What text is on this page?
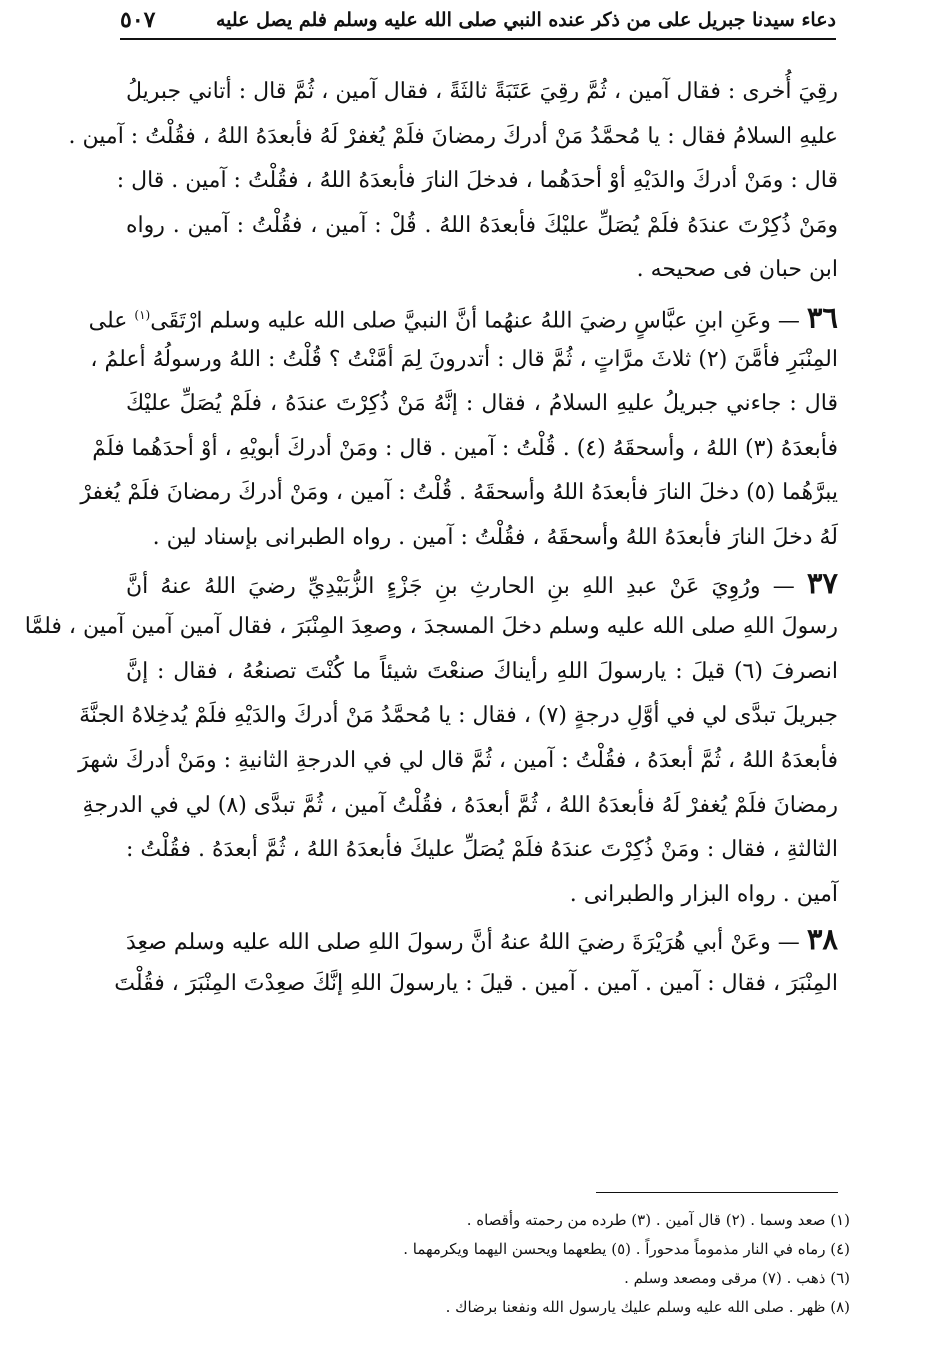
دعاء سيدنا جبريل على من ذكر عنده النبي صلى الله عليه وسلم فلم يصل عليه
٥٠٧
رقِيَ أُخرى : فقال آمين ، ثُمَّ رقِيَ عَتَبَةً ثالثَةً ، فقال آمين ، ثُمَّ قال : أتاني جبريلُ
عليهِ السلامُ فقال : يا مُحمَّدُ مَنْ أدركَ رمضانَ فلَمْ يُغفرْ لَهُ فأبعدَهُ اللهُ ، فقُلْتُ : آمين .
قال : ومَنْ أدركَ والدَيْهِ أوْ أحدَهُما ، فدخلَ النارَ فأبعدَهُ اللهُ ، فقُلْتُ : آمين . قال :
ومَنْ ذُكِرْتَ عندَهُ فلَمْ يُصَلِّ عليْكَ فأبعدَهُ اللهُ . قُلْ : آمين ، فقُلْتُ : آمين . رواه
ابن حبان فى صحيحه .
٣٦ — وعَنِ ابنِ عبَّاسٍ رضيَ اللهُ عنهُما أنَّ النبيَّ صلى الله عليه وسلم ارْتَقَى$^{(١)}$ على
المِنْبَرِ فأمَّنَ (٢) ثلاثَ مرَّاتٍ ، ثُمَّ قال : أتدرونَ لِمَ أمَّنْتُ ؟ قُلْتُ : اللهُ ورسولُهُ أعلمُ ،
قال : جاءني جبريلُ عليهِ السلامُ ، فقال : إنَّهُ مَنْ ذُكِرْتَ عندَهُ ، فلَمْ يُصَلِّ عليْكَ
فأبعدَهُ (٣) اللهُ ، وأسحقَهُ (٤) . قُلْتُ : آمين . قال : ومَنْ أدركَ أبويْهِ ، أوْ أحدَهُما فلَمْ
يبرَّهُما (٥) دخلَ النارَ فأبعدَهُ اللهُ وأسحقَهُ . قُلْتُ : آمين ، ومَنْ أدركَ رمضانَ فلَمْ يُغفرْ
لَهُ دخلَ النارَ فأبعدَهُ اللهُ وأسحقَهُ ، فقُلْتُ : آمين . رواه الطبرانى بإسناد لين .
٣٧ — ورُوِيَ عَنْ عبدِ اللهِ بنِ الحارثِ بنِ جَزْءٍ الزُّبَيْدِيِّ رضيَ اللهُ عنهُ أنَّ
رسولَ اللهِ صلى الله عليه وسلم دخلَ المسجدَ ، وصعِدَ المِنْبَرَ ، فقال آمين آمين آمين ، فلمَّا
انصرفَ (٦) قيلَ : يارسولَ اللهِ رأيناكَ صنعْتَ شيئاً ما كُنْتَ تصنعُهُ ، فقال : إنَّ
جبريلَ تبدَّى لي في أوَّلِ درجةٍ (٧) ، فقال : يا مُحمَّدُ مَنْ أدركَ والدَيْهِ فلَمْ يُدخِلاهُ الجنَّةَ
فأبعدَهُ اللهُ ، ثُمَّ أبعدَهُ ، فقُلْتُ : آمين ، ثُمَّ قال لي في الدرجةِ الثانيةِ : ومَنْ أدركَ شهرَ
رمضانَ فلَمْ يُغفرْ لَهُ فأبعدَهُ اللهُ ، ثُمَّ أبعدَهُ ، فقُلْتُ آمين ، ثُمَّ تبدَّى (٨) لي في الدرجةِ
الثالثةِ ، فقال : ومَنْ ذُكِرْتَ عندَهُ فلَمْ يُصَلِّ عليكَ فأبعدَهُ اللهُ ، ثُمَّ أبعدَهُ . فقُلْتُ :
آمين . رواه البزار والطبرانى .
٣٨ — وعَنْ أبي هُرَيْرَةَ رضيَ اللهُ عنهُ أنَّ رسولَ اللهِ صلى الله عليه وسلم صعِدَ
المِنْبَرَ ، فقال : آمين . آمين . آمين . قيلَ : يارسولَ اللهِ إنَّكَ صعِدْتَ المِنْبَرَ ، فقُلْتَ
(١) صعد وسما . (٢) قال آمين . (٣) طرده من رحمته وأقصاه .
(٤) رماه في النار مذموماً مدحوراً . (٥) يطعهما ويحسن اليهما ويكرمهما .
(٦) ذهب . (٧) مرقى ومصعد وسلم .
(٨) ظهر . صلى الله عليه وسلم عليك يارسول الله ونفعنا برضاك .
